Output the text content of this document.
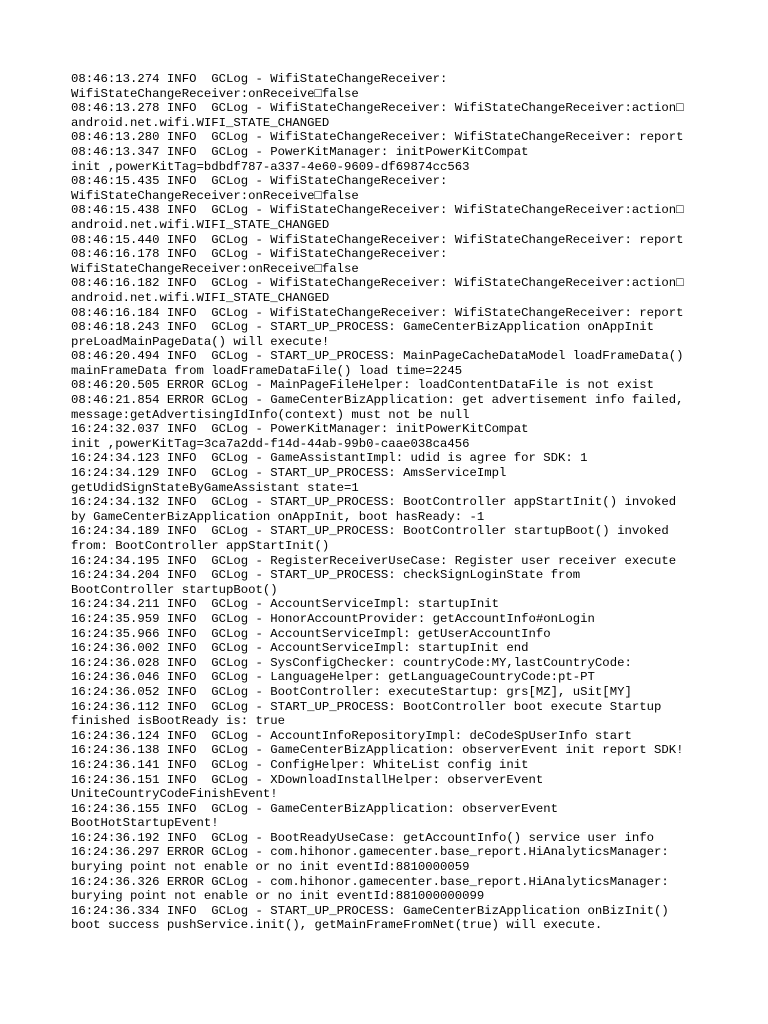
08:46:13.274 INFO  GCLog - WifiStateChangeReceiver:
WifiStateChangeReceiver:onReceive□false
08:46:13.278 INFO  GCLog - WifiStateChangeReceiver: WifiStateChangeReceiver:action□
android.net.wifi.WIFI_STATE_CHANGED
08:46:13.280 INFO  GCLog - WifiStateChangeReceiver: WifiStateChangeReceiver: report
08:46:13.347 INFO  GCLog - PowerKitManager: initPowerKitCompat
init ,powerKitTag=bdbdf787-a337-4e60-9609-df69874cc563
08:46:15.435 INFO  GCLog - WifiStateChangeReceiver:
WifiStateChangeReceiver:onReceive□false
08:46:15.438 INFO  GCLog - WifiStateChangeReceiver: WifiStateChangeReceiver:action□
android.net.wifi.WIFI_STATE_CHANGED
08:46:15.440 INFO  GCLog - WifiStateChangeReceiver: WifiStateChangeReceiver: report
08:46:16.178 INFO  GCLog - WifiStateChangeReceiver:
WifiStateChangeReceiver:onReceive□false
08:46:16.182 INFO  GCLog - WifiStateChangeReceiver: WifiStateChangeReceiver:action□
android.net.wifi.WIFI_STATE_CHANGED
08:46:16.184 INFO  GCLog - WifiStateChangeReceiver: WifiStateChangeReceiver: report
08:46:18.243 INFO  GCLog - START_UP_PROCESS: GameCenterBizApplication onAppInit
preLoadMainPageData() will execute!
08:46:20.494 INFO  GCLog - START_UP_PROCESS: MainPageCacheDataModel loadFrameData()
mainFrameData from loadFrameDataFile() load time=2245
08:46:20.505 ERROR GCLog - MainPageFileHelper: loadContentDataFile is not exist
08:46:21.854 ERROR GCLog - GameCenterBizApplication: get advertisement info failed,
message:getAdvertisingIdInfo(context) must not be null
16:24:32.037 INFO  GCLog - PowerKitManager: initPowerKitCompat
init ,powerKitTag=3ca7a2dd-f14d-44ab-99b0-caae038ca456
16:24:34.123 INFO  GCLog - GameAssistantImpl: udid is agree for SDK: 1
16:24:34.129 INFO  GCLog - START_UP_PROCESS: AmsServiceImpl
getUdidSignStateByGameAssistant state=1
16:24:34.132 INFO  GCLog - START_UP_PROCESS: BootController appStartInit() invoked
by GameCenterBizApplication onAppInit, boot hasReady: -1
16:24:34.189 INFO  GCLog - START_UP_PROCESS: BootController startupBoot() invoked
from: BootController appStartInit()
16:24:34.195 INFO  GCLog - RegisterReceiverUseCase: Register user receiver execute
16:24:34.204 INFO  GCLog - START_UP_PROCESS: checkSignLoginState from
BootController startupBoot()
16:24:34.211 INFO  GCLog - AccountServiceImpl: startupInit
16:24:35.959 INFO  GCLog - HonorAccountProvider: getAccountInfo#onLogin
16:24:35.966 INFO  GCLog - AccountServiceImpl: getUserAccountInfo
16:24:36.002 INFO  GCLog - AccountServiceImpl: startupInit end
16:24:36.028 INFO  GCLog - SysConfigChecker: countryCode:MY,lastCountryCode:
16:24:36.046 INFO  GCLog - LanguageHelper: getLanguageCountryCode:pt-PT
16:24:36.052 INFO  GCLog - BootController: executeStartup: grs[MZ], uSit[MY]
16:24:36.112 INFO  GCLog - START_UP_PROCESS: BootController boot execute Startup
finished isBootReady is: true
16:24:36.124 INFO  GCLog - AccountInfoRepositoryImpl: deCodeSpUserInfo start
16:24:36.138 INFO  GCLog - GameCenterBizApplication: observerEvent init report SDK!
16:24:36.141 INFO  GCLog - ConfigHelper: WhiteList config init
16:24:36.151 INFO  GCLog - XDownloadInstallHelper: observerEvent
UniteCountryCodeFinishEvent!
16:24:36.155 INFO  GCLog - GameCenterBizApplication: observerEvent
BootHotStartupEvent!
16:24:36.192 INFO  GCLog - BootReadyUseCase: getAccountInfo() service user info
16:24:36.297 ERROR GCLog - com.hihonor.gamecenter.base_report.HiAnalyticsManager:
burying point not enable or no init eventId:8810000059
16:24:36.326 ERROR GCLog - com.hihonor.gamecenter.base_report.HiAnalyticsManager:
burying point not enable or no init eventId:881000000099
16:24:36.334 INFO  GCLog - START_UP_PROCESS: GameCenterBizApplication onBizInit()
boot success pushService.init(), getMainFrameFromNet(true) will execute.
